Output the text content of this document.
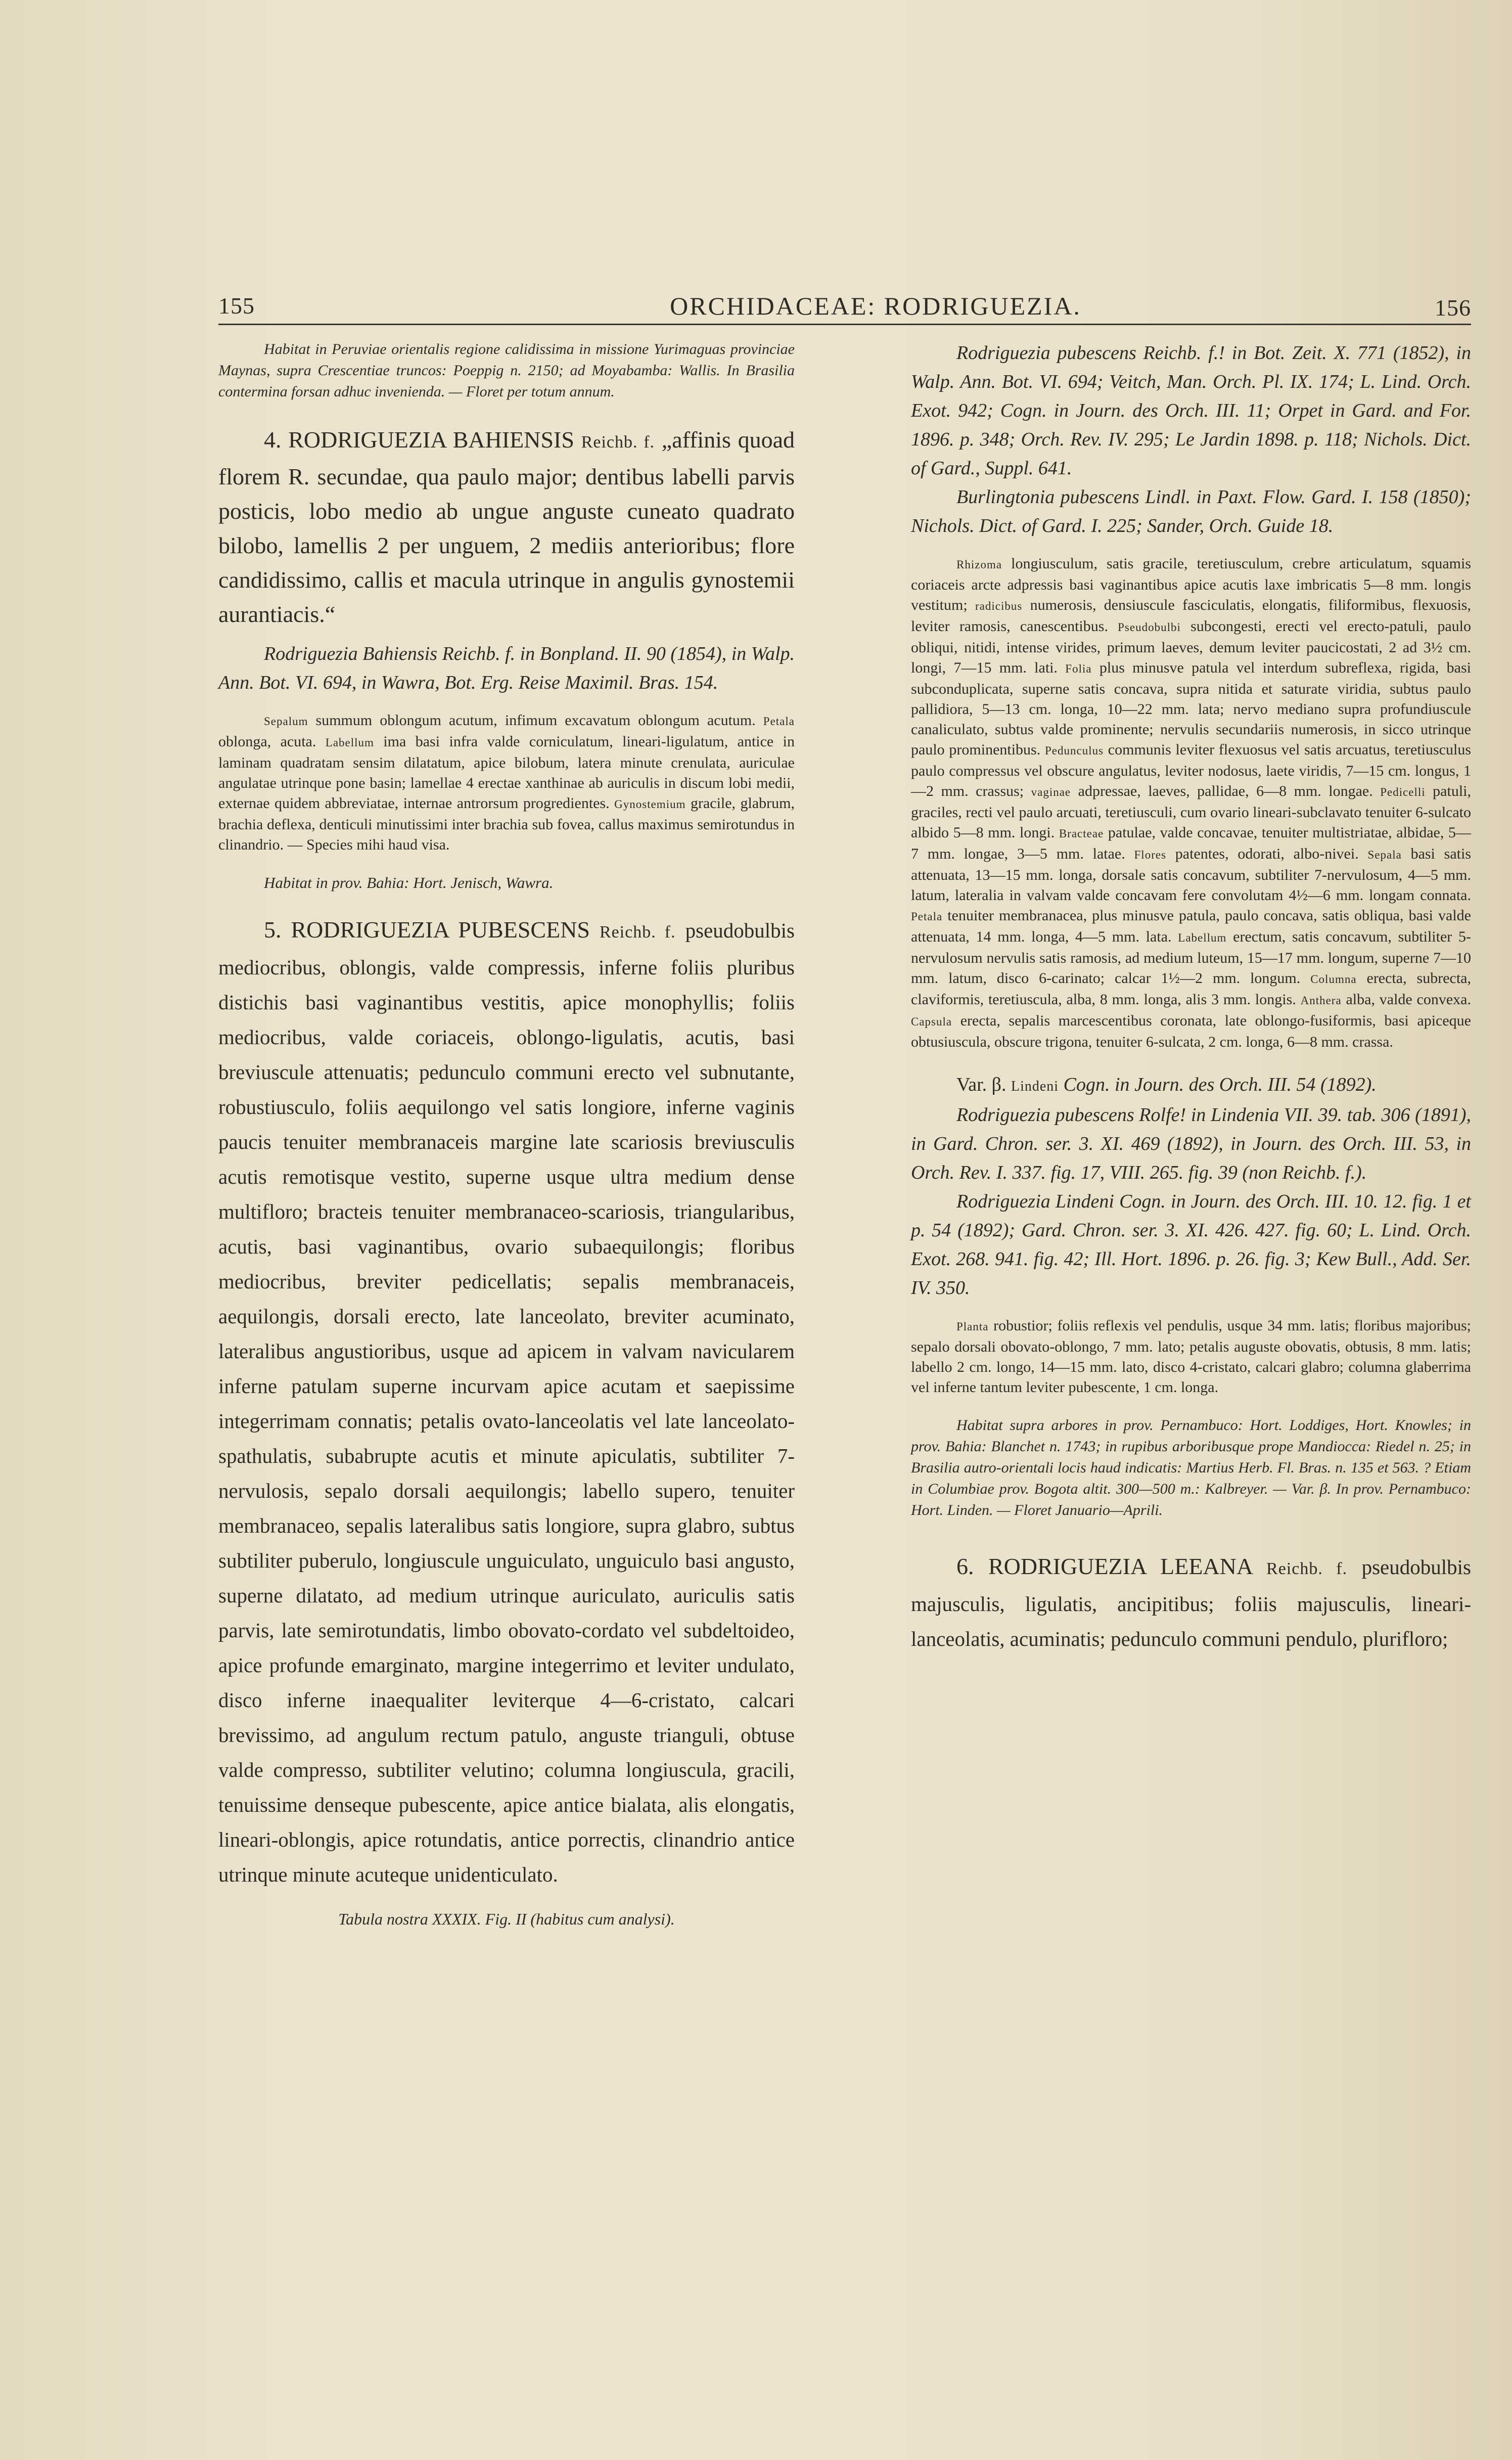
155	ORCHIDACEAE: RODRIGUEZIA.	156

Habitat in Peruviae orientalis regione calidissima in missione Yurimaguas provinciae Maynas, supra Crescentiae truncos: Poeppig n. 2150; ad Moyabamba: Wallis. In Brasilia contermina forsan adhuc invenienda. — Floret per totum annum.

4. RODRIGUEZIA BAHIENSIS Reichb. f. „affinis quoad florem R. secundae, qua paulo major; dentibus labelli parvis posticis, lobo medio ab ungue anguste cuneato quadrato bilobo, lamellis 2 per unguem, 2 mediis anterioribus; flore candidissimo, callis et macula utrinque in angulis gynostemii aurantiacis.“

Rodriguezia Bahiensis Reichb. f. in Bonpland. II. 90 (1854), in Walp. Ann. Bot. VI. 694, in Wawra, Bot. Erg. Reise Maximil. Bras. 154.

Sepalum summum oblongum acutum, infimum excavatum oblongum acutum. Petala oblonga, acuta. Labellum ima basi infra valde corniculatum, lineari-ligulatum, antice in laminam quadratam sensim dilatatum, apice bilobum, latera minute crenulata, auriculae angulatae utrinque pone basin; lamellae 4 erectae xanthinae ab auriculis in discum lobi medii, externae quidem abbreviatae, internae antrorsum progredientes. Gynostemium gracile, glabrum, brachia deflexa, denticuli minutissimi inter brachia sub fovea, callus maximus semirotundus in clinandrio. — Species mihi haud visa.

Habitat in prov. Bahia: Hort. Jenisch, Wawra.

5. RODRIGUEZIA PUBESCENS Reichb. f. pseudobulbis mediocribus, oblongis, valde compressis, inferne foliis pluribus distichis basi vaginantibus vestitis, apice monophyllis; foliis mediocribus, valde coriaceis, oblongo-ligulatis, acutis, basi breviuscule attenuatis; pedunculo communi erecto vel subnutante, robustiusculo, foliis aequilongo vel satis longiore, inferne vaginis paucis tenuiter membranaceis margine late scariosis breviusculis acutis remotisque vestito, superne usque ultra medium dense multifloro; bracteis tenuiter membranaceo-scariosis, triangularibus, acutis, basi vaginantibus, ovario subaequilongis; floribus mediocribus, breviter pedicellatis; sepalis membranaceis, aequilongis, dorsali erecto, late lanceolato, breviter acuminato, lateralibus angustioribus, usque ad apicem in valvam navicularem inferne patulam superne incurvam apice acutam et saepissime integerrimam connatis; petalis ovato-lanceolatis vel late lanceolato-spathulatis, subabrupte acutis et minute apiculatis, subtiliter 7-nervulosis, sepalo dorsali aequilongis; labello supero, tenuiter membranaceo, sepalis lateralibus satis longiore, supra glabro, subtus subtiliter puberulo, longiuscule unguiculato, unguiculo basi angusto, superne dilatato, ad medium utrinque auriculato, auriculis satis parvis, late semirotundatis, limbo obovato-cordato vel subdeltoideo, apice profunde emarginato, margine integerrimo et leviter undulato, disco inferne inaequaliter leviterque 4—6-cristato, calcari brevissimo, ad angulum rectum patulo, anguste trianguli, obtuse valde compresso, subtiliter velutino; columna longiuscula, gracili, tenuissime denseque pubescente, apice antice bialata, alis elongatis, lineari-oblongis, apice rotundatis, antice porrectis, clinandrio antice utrinque minute acuteque unidenticulato.

Tabula nostra XXXIX. Fig. II (habitus cum analysi).

Rodriguezia pubescens Reichb. f.! in Bot. Zeit. X. 771 (1852), in Walp. Ann. Bot. VI. 694; Veitch, Man. Orch. Pl. IX. 174; L. Lind. Orch. Exot. 942; Cogn. in Journ. des Orch. III. 11; Orpet in Gard. and For. 1896. p. 348; Orch. Rev. IV. 295; Le Jardin 1898. p. 118; Nichols. Dict. of Gard., Suppl. 641.

Burlingtonia pubescens Lindl. in Paxt. Flow. Gard. I. 158 (1850); Nichols. Dict. of Gard. I. 225; Sander, Orch. Guide 18.

Rhizoma longiusculum, satis gracile, teretiusculum, crebre articulatum, squamis coriaceis arcte adpressis basi vaginantibus apice acutis laxe imbricatis 5—8 mm. longis vestitum; radicibus numerosis, densiuscule fasciculatis, elongatis, filiformibus, flexuosis, leviter ramosis, canescentibus. Pseudobulbi subcongesti, erecti vel erecto-patuli, paulo obliqui, nitidi, intense virides, primum laeves, demum leviter paucicostati, 2 ad 3½ cm. longi, 7—15 mm. lati. Folia plus minusve patula vel interdum subreflexa, rigida, basi subconduplicata, superne satis concava, supra nitida et saturate viridia, subtus paulo pallidiora, 5—13 cm. longa, 10—22 mm. lata; nervo mediano supra profundiuscule canaliculato, subtus valde prominente; nervulis secundariis numerosis, in sicco utrinque paulo prominentibus. Pedunculus communis leviter flexuosus vel satis arcuatus, teretiusculus paulo compressus vel obscure angulatus, leviter nodosus, laete viridis, 7—15 cm. longus, 1—2 mm. crassus; vaginae adpressae, laeves, pallidae, 6—8 mm. longae. Pedicelli patuli, graciles, recti vel paulo arcuati, teretiusculi, cum ovario lineari-subclavato tenuiter 6-sulcato albido 5—8 mm. longi. Bracteae patulae, valde concavae, tenuiter multistriatae, albidae, 5—7 mm. longae, 3—5 mm. latae. Flores patentes, odorati, albo-nivei. Sepala basi satis attenuata, 13—15 mm. longa, dorsale satis concavum, subtiliter 7-nervulosum, 4—5 mm. latum, lateralia in valvam valde concavam fere convolutam 4½—6 mm. longam connata. Petala tenuiter membranacea, plus minusve patula, paulo concava, satis obliqua, basi valde attenuata, 14 mm. longa, 4—5 mm. lata. Labellum erectum, satis concavum, subtiliter 5-nervulosum nervulis satis ramosis, ad medium luteum, 15—17 mm. longum, superne 7—10 mm. latum, disco 6-carinato; calcar 1½—2 mm. longum. Columna erecta, subrecta, claviformis, teretiuscula, alba, 8 mm. longa, alis 3 mm. longis. Anthera alba, valde convexa. Capsula erecta, sepalis marcescentibus coronata, late oblongo-fusiformis, basi apiceque obtusiuscula, obscure trigona, tenuiter 6-sulcata, 2 cm. longa, 6—8 mm. crassa.

Var. β. Lindeni Cogn. in Journ. des Orch. III. 54 (1892).

Rodriguezia pubescens Rolfe! in Lindenia VII. 39. tab. 306 (1891), in Gard. Chron. ser. 3. XI. 469 (1892), in Journ. des Orch. III. 53, in Orch. Rev. I. 337. fig. 17, VIII. 265. fig. 39 (non Reichb. f.).

Rodriguezia Lindeni Cogn. in Journ. des Orch. III. 10. 12. fig. 1 et p. 54 (1892); Gard. Chron. ser. 3. XI. 426. 427. fig. 60; L. Lind. Orch. Exot. 268. 941. fig. 42; Ill. Hort. 1896. p. 26. fig. 3; Kew Bull., Add. Ser. IV. 350.

Planta robustior; foliis reflexis vel pendulis, usque 34 mm. latis; floribus majoribus; sepalo dorsali obovato-oblongo, 7 mm. lato; petalis auguste obovatis, obtusis, 8 mm. latis; labello 2 cm. longo, 14—15 mm. lato, disco 4-cristato, calcari glabro; columna glaberrima vel inferne tantum leviter pubescente, 1 cm. longa.

Habitat supra arbores in prov. Pernambuco: Hort. Loddiges, Hort. Knowles; in prov. Bahia: Blanchet n. 1743; in rupibus arboribusque prope Mandiocca: Riedel n. 25; in Brasilia autro-orientali locis haud indicatis: Martius Herb. Fl. Bras. n. 135 et 563. ? Etiam in Columbiae prov. Bogota altit. 300—500 m.: Kalbreyer. — Var. β. In prov. Pernambuco: Hort. Linden. — Floret Januario—Aprili.

6. RODRIGUEZIA LEEANA Reichb. f. pseudobulbis majusculis, ligulatis, ancipitibus; foliis majusculis, lineari-lanceolatis, acuminatis; pedunculo communi pendulo, plurifloro;
